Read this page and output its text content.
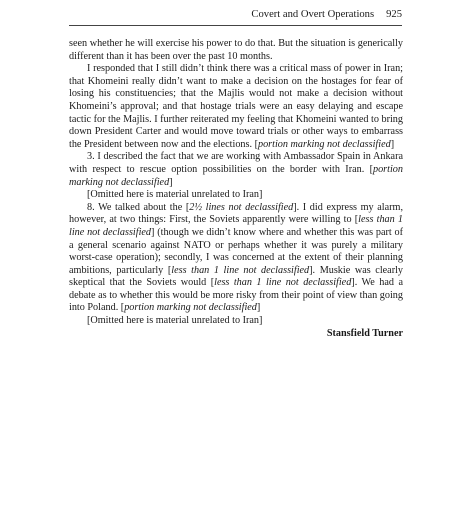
Covert and Overt Operations 925

seen whether he will exercise his power to do that. But the situation is generically different than it has been over the past 10 months.

I responded that I still didn’t think there was a critical mass of power in Iran; that Khomeini really didn’t want to make a decision on the hostages for fear of losing his constituencies; that the Majlis would not make a decision without Khomeini’s approval; and that hostage trials were an easy delaying and escape tactic for the Majlis. I further reiterated my feeling that Khomeini wanted to bring down President Carter and would move toward trials or other ways to embarrass the President between now and the elections. [portion marking not declassified]

3. I described the fact that we are working with Ambassador Spain in Ankara with respect to rescue option possibilities on the border with Iran. [portion marking not declassified]

[Omitted here is material unrelated to Iran]

8. We talked about the [2½ lines not declassified]. I did express my alarm, however, at two things: First, the Soviets apparently were willing to [less than 1 line not declassified] (though we didn’t know where and whether this was part of a general scenario against NATO or perhaps whether it was purely a military worst-case operation); secondly, I was concerned at the extent of their planning ambitions, particularly [less than 1 line not declassified]. Muskie was clearly skeptical that the Soviets would [less than 1 line not declassified]. We had a debate as to whether this would be more risky from their point of view than going into Poland. [portion marking not declassified]

[Omitted here is material unrelated to Iran]

Stansfield Turner
